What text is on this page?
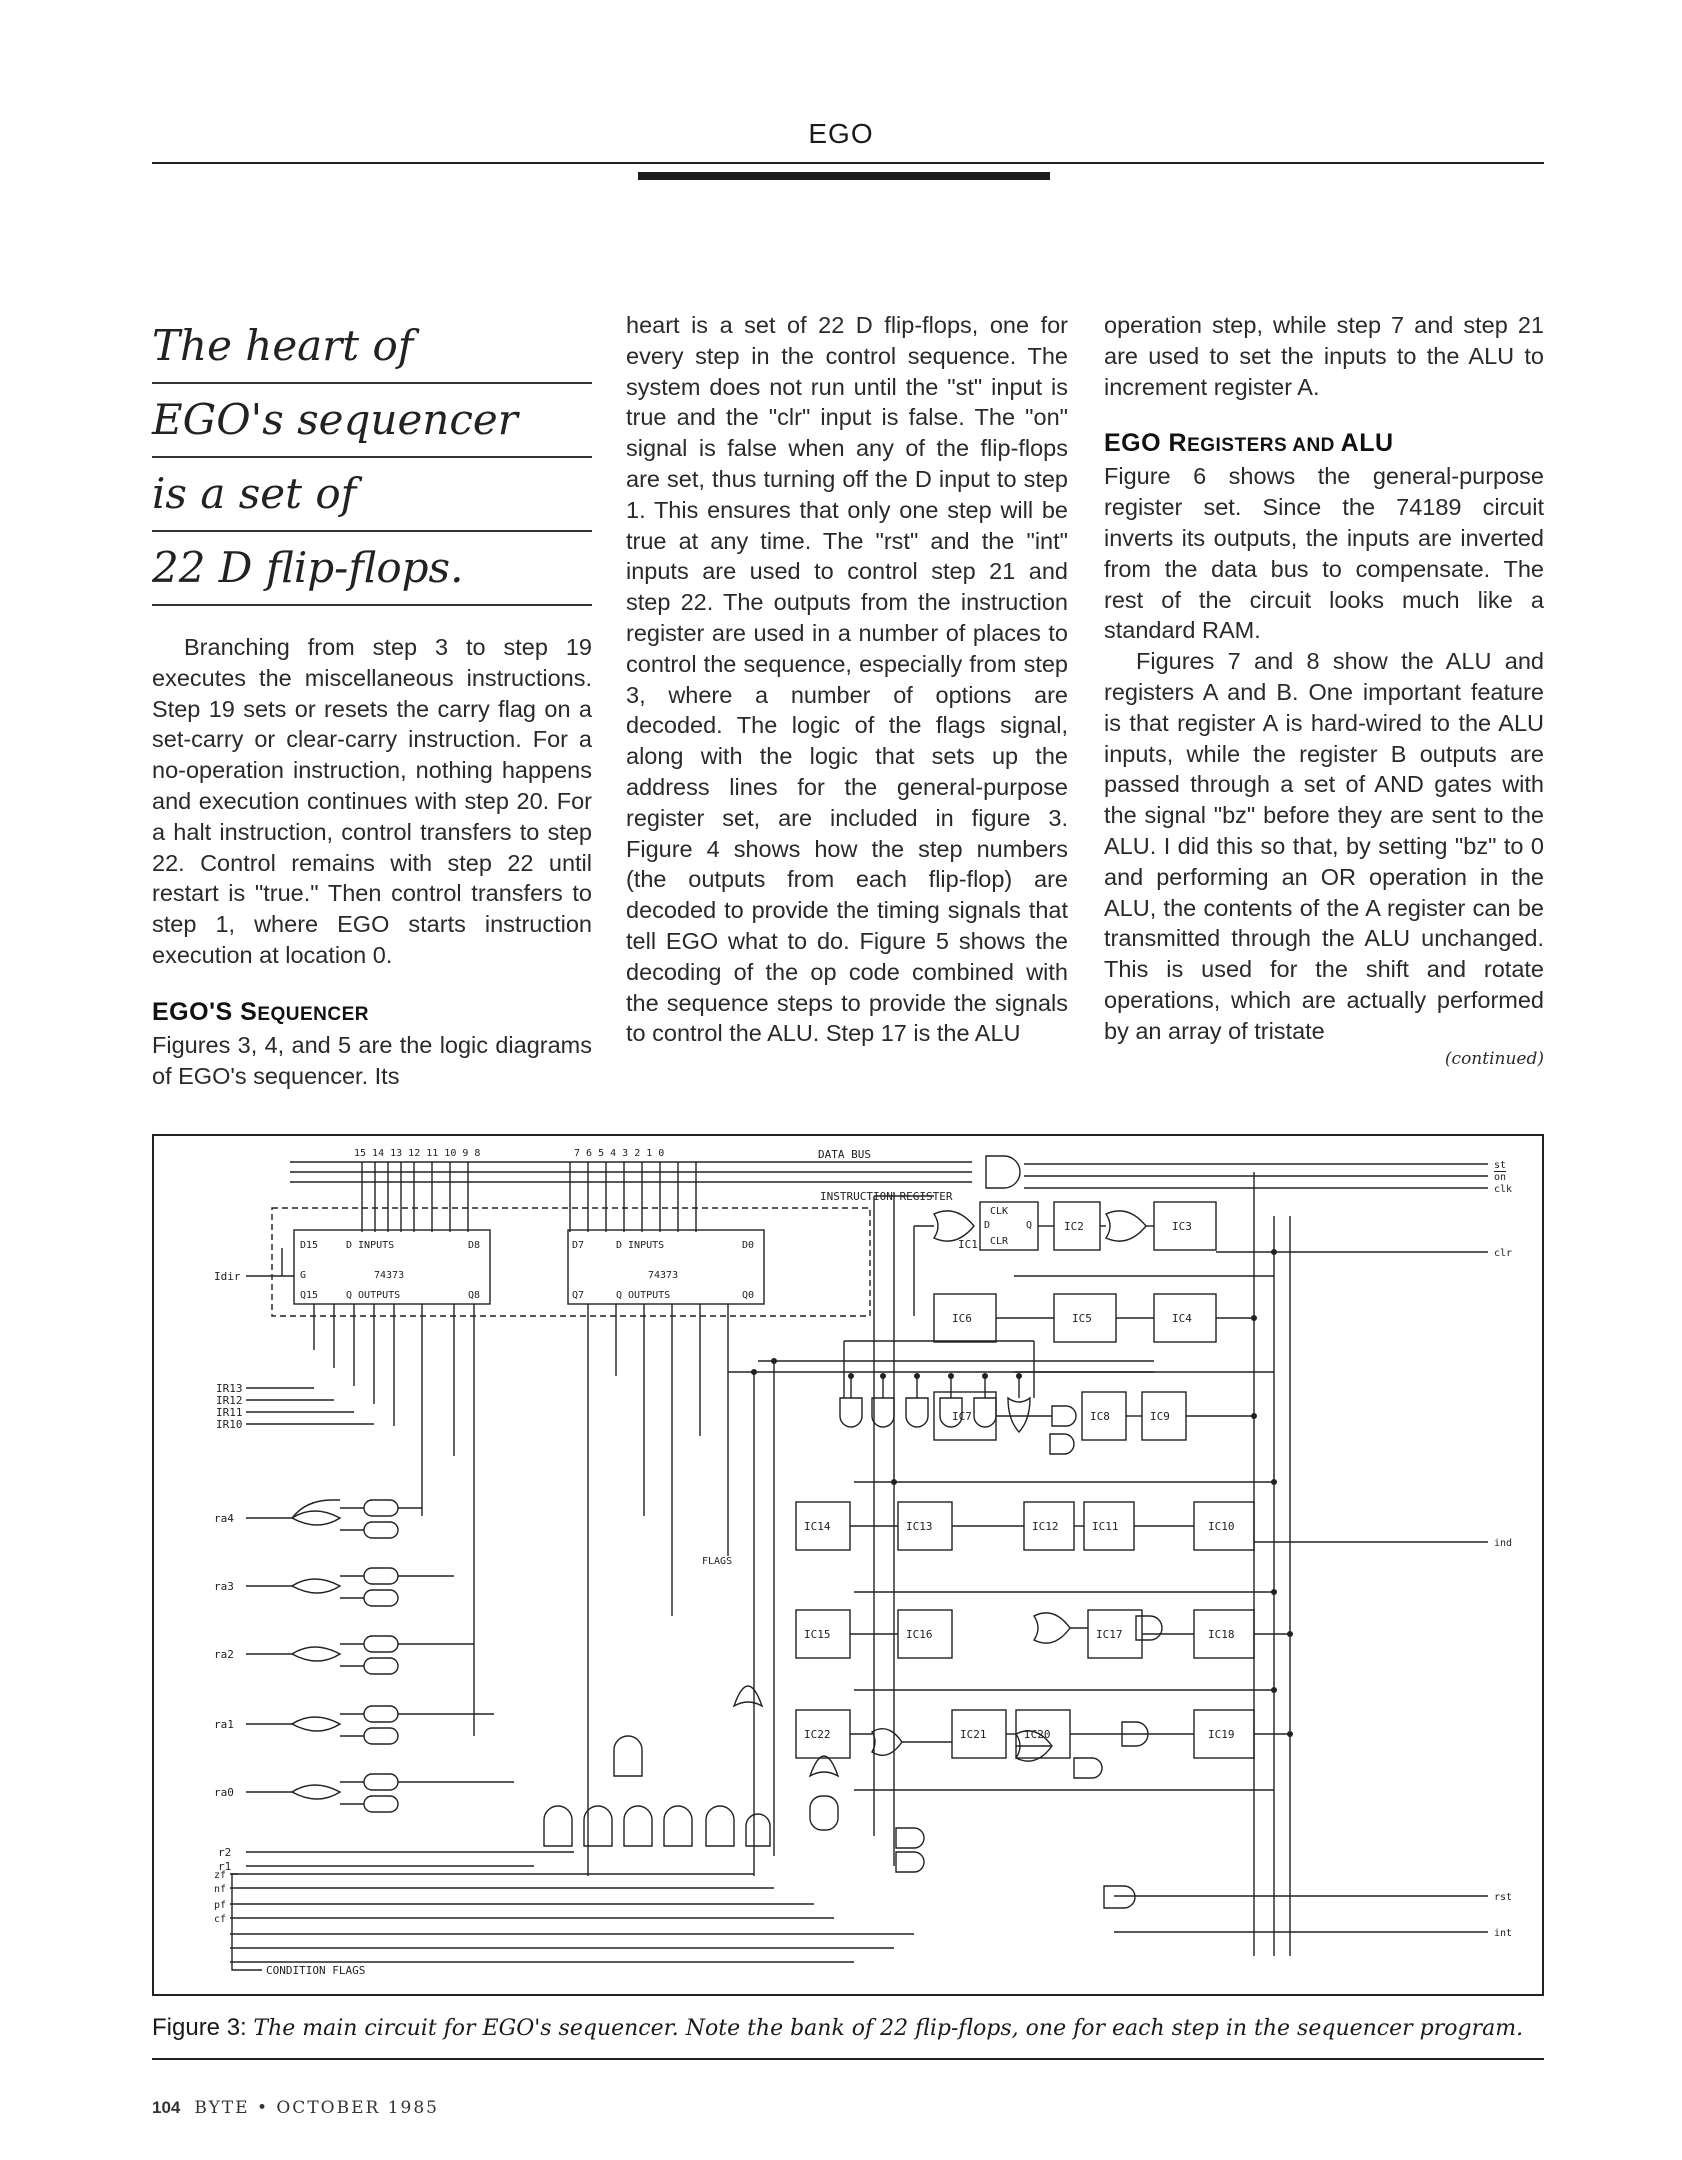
EGO
The heart of
EGO's sequencer
is a set of
22 D flip-flops.

Branching from step 3 to step 19 executes the miscellaneous instructions. Step 19 sets or resets the carry flag on a set-carry or clear-carry instruction. For a no-operation instruction, nothing happens and execution continues with step 20. For a halt instruction, control transfers to step 22. Control remains with step 22 until restart is "true." Then control transfers to step 1, where EGO starts instruction execution at location 0.

EGO'S SEQUENCER

Figures 3, 4, and 5 are the logic diagrams of EGO's sequencer. Its

heart is a set of 22 D flip-flops, one for every step in the control sequence. The system does not run until the "st" input is true and the "clr" input is false. The "on" signal is false when any of the flip-flops are set, thus turning off the D input to step 1. This ensures that only one step will be true at any time. The "rst" and the "int" inputs are used to control step 21 and step 22. The outputs from the instruction register are used in a number of places to control the sequence, especially from step 3, where a number of options are decoded. The logic of the flags signal, along with the logic that sets up the address lines for the general-purpose register set, are included in figure 3. Figure 4 shows how the step numbers (the outputs from each flip-flop) are decoded to provide the timing signals that tell EGO what to do. Figure 5 shows the decoding of the op code combined with the sequence steps to provide the signals to control the ALU. Step 17 is the ALU

operation step, while step 7 and step 21 are used to set the inputs to the ALU to increment register A.

EGO REGISTERS AND ALU

Figure 6 shows the general-purpose register set. Since the 74189 circuit inverts its outputs, the inputs are inverted from the data bus to compensate. The rest of the circuit looks much like a standard RAM.

Figures 7 and 8 show the ALU and registers A and B. One important feature is that register A is hard-wired to the ALU inputs, while the register B outputs are passed through a set of AND gates with the signal "bz" before they are sent to the ALU. I did this so that, by setting "bz" to 0 and performing an OR operation in the ALU, the contents of the A register can be transmitted through the ALU unchanged. This is used for the shift and rotate operations, which are actually performed by an array of tristate

(continued)
15 14 13 12 11 10 9 8	7 6 5 4 3 2 1 0	DATA BUS
INSTRUCTION REGISTER
D15	D INPUTS	D8
G	74373
Q15	Q OUTPUTS	Q8
D7	D INPUTS	D0
74373
Q7	Q OUTPUTS	Q0
Idir
IR13
IR12
IR11
IR10
ra4
ra3
ra2
ra1
ra0
r2
r1
zf
nf
pf
cf
CONDITION FLAGS
FLAGS
st
on
clk
clr
ind
rst
int
CLK
D	Q
CLR
IC1
IC2	IC3
IC4
IC5
IC6
IC7	IC8	IC9
IC10
IC11
IC12
IC13
IC14
IC15	IC16	IC17	IC18
IC19
IC20
IC21
IC22
Figure 3: The main circuit for EGO's sequencer. Note the bank of 22 flip-flops, one for each step in the sequencer program.
104 BYTE • OCTOBER 1985
